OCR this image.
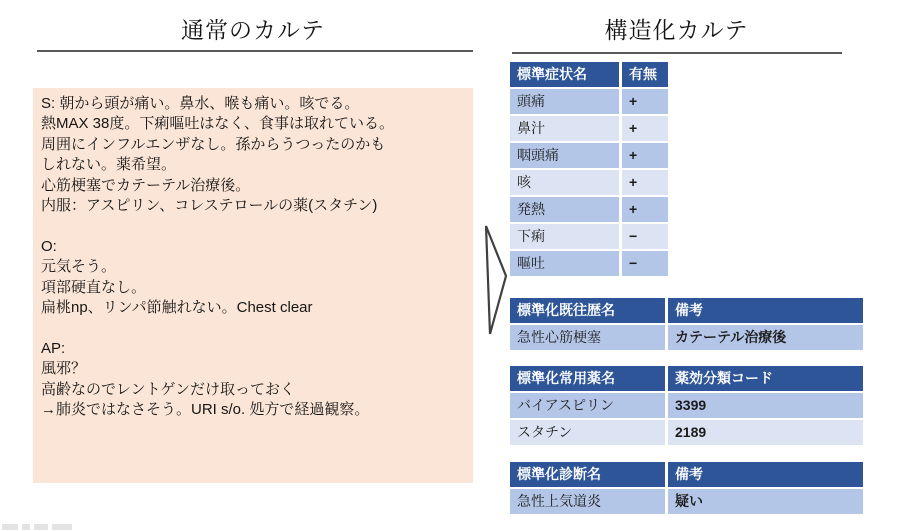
通常のカルテ	構造化カルテ
S: 朝から頭が痛い。鼻水、喉も痛い。咳でる。
熱MAX 38度。下痢嘔吐はなく、食事は取れている。
周囲にインフルエンザなし。孫からうつったのかも
しれない。薬希望。
心筋梗塞でカテーテル治療後。
内服：アスピリン、コレステロールの薬(スタチン)
O:
元気そう。
項部硬直なし。
扁桃np、リンパ節触れない。Chest clear
AP:
風邪？
高齢なのでレントゲンだけ取っておく
→肺炎ではなさそう。URI s/o. 処方で経過観察。
標準症状名	有無
頭痛	+
鼻汁	+
咽頭痛	+
咳	+
発熱	+
下痢	−
嘔吐	−
標準化既往歴名	備考
急性心筋梗塞	カテーテル治療後
標準化常用薬名	薬効分類コード
バイアスピリン	3399
スタチン	2189
標準化診断名	備考
急性上気道炎	疑い
